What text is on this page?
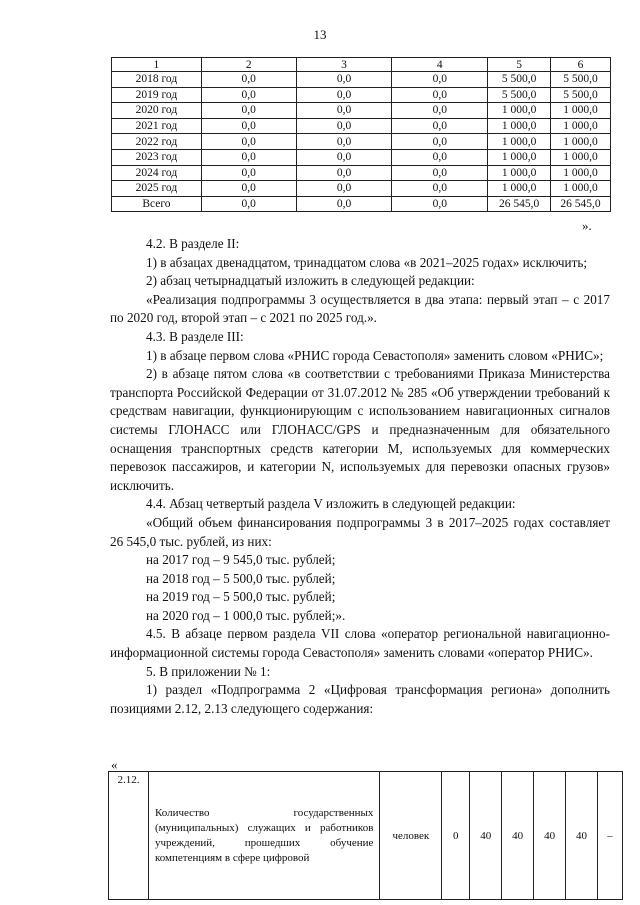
13
1	2	3	4	5	6
2018 год	0,0	0,0	0,0	5 500,0	5 500,0
2019 год	0,0	0,0	0,0	5 500,0	5 500,0
2020 год	0,0	0,0	0,0	1 000,0	1 000,0
2021 год	0,0	0,0	0,0	1 000,0	1 000,0
2022 год	0,0	0,0	0,0	1 000,0	1 000,0
2023 год	0,0	0,0	0,0	1 000,0	1 000,0
2024 год	0,0	0,0	0,0	1 000,0	1 000,0
2025 год	0,0	0,0	0,0	1 000,0	1 000,0
Всего	0,0	0,0	0,0	26 545,0	26 545,0
».

4.2. В разделе II:

1) в абзацах двенадцатом, тринадцатом слова «в 2021–2025 годах» исключить;

2) абзац четырнадцатый изложить в следующей редакции:

«Реализация подпрограммы 3 осуществляется в два этапа: первый этап – с 2017 по 2020 год, второй этап – с 2021 по 2025 год.».

4.3. В разделе III:

1) в абзаце первом слова «РНИС города Севастополя» заменить словом «РНИС»;

2) в абзаце пятом слова «в соответствии с требованиями Приказа Министерства транспорта Российской Федерации от 31.07.2012 № 285 «Об утверждении требований к средствам навигации, функционирующим с использованием навигационных сигналов системы ГЛОНАСС или ГЛОНАСС/GPS и предназначенным для обязательного оснащения транспортных средств категории M, используемых для коммерческих перевозок пассажиров, и категории N, используемых для перевозки опасных грузов» исключить.

4.4. Абзац четвертый раздела V изложить в следующей редакции:

«Общий объем финансирования подпрограммы 3 в 2017–2025 годах составляет 26 545,0 тыс. рублей, из них:

на 2017 год – 9 545,0 тыс. рублей;

на 2018 год – 5 500,0 тыс. рублей;

на 2019 год – 5 500,0 тыс. рублей;

на 2020 год – 1 000,0 тыс. рублей;».

4.5. В абзаце первом раздела VII слова «оператор региональной навигационно-информационной системы города Севастополя» заменить словами «оператор РНИС».

5. В приложении № 1:

1) раздел «Подпрограмма 2 «Цифровая трансформация региона» дополнить позициями 2.12, 2.13 следующего содержания:

«
2.12.	Количество государственных (муниципальных) служащих и работников учреждений, прошедших обучение компетенциям в сфере цифровой	человек	0	40	40	40	40	–
